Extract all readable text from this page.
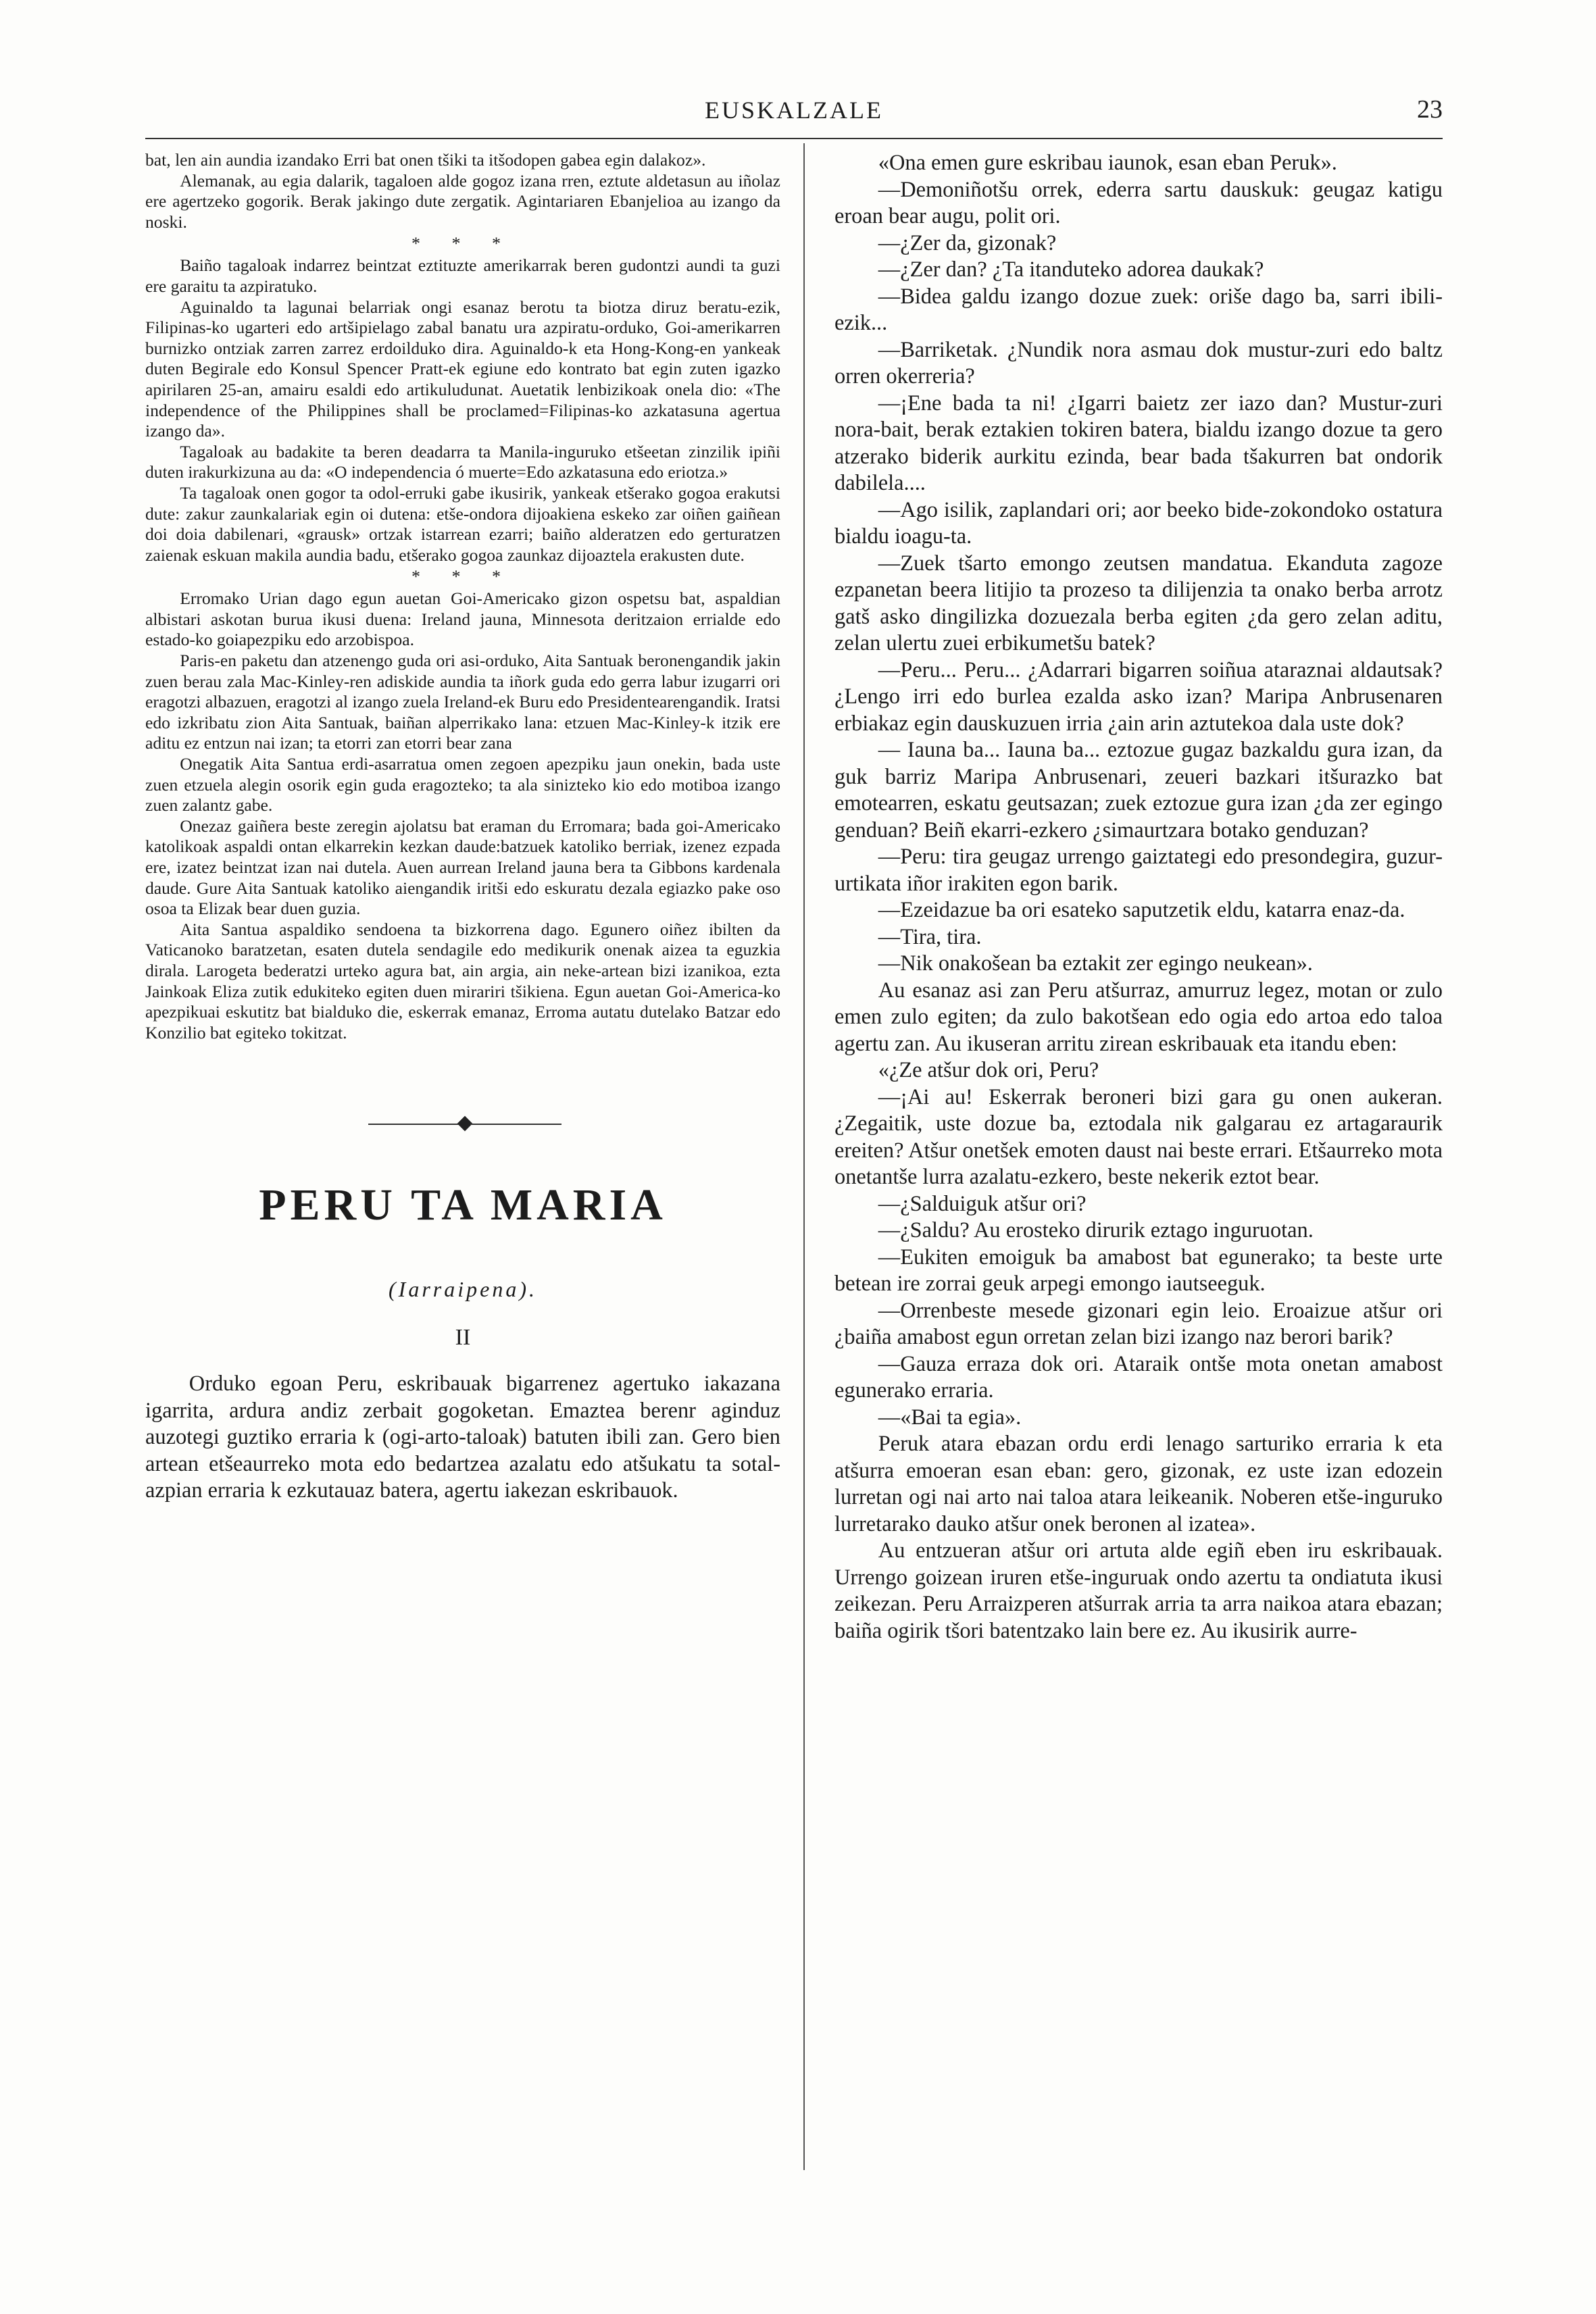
EUSKALZALE	23

bat, len ain aundia izandako Erri bat onen tšiki ta itšodopen gabea egin dalakoz».

Alemanak, au egia dalarik, tagaloen alde gogoz izana rren, eztute aldetasun au iñolaz ere agertzeko gogorik. Berak jakingo dute zergatik. Agintariaren Ebanjelioa au izango da noski.

* * *

Baiño tagaloak indarrez beintzat eztituzte amerikarrak beren gudontzi aundi ta guzi ere garaitu ta azpiratuko.

Aguinaldo ta lagunai belarriak ongi esanaz berotu ta biotza diruz beratu-ezik, Filipinas-ko ugarteri edo artšipielago zabal banatu ura azpiratu-orduko, Goi-amerikarren burnizko ontziak zarren zarrez erdoilduko dira. Aguinaldo-k eta Hong-Kong-en yankeak duten Begirale edo Konsul Spencer Pratt-ek egiune edo kontrato bat egin zuten igazko apirilaren 25-an, amairu esaldi edo artikuludunat. Auetatik lenbizikoak onela dio: «The independence of the Philippines shall be proclamed=Filipinas-ko azkatasuna agertua izango da».

Tagaloak au badakite ta beren deadarra ta Manila-inguruko etšeetan zinzilik ipiñi duten irakurkizuna au da: «O independencia ó muerte=Edo azkatasuna edo eriotza.»

Ta tagaloak onen gogor ta odol-erruki gabe ikusirik, yankeak etšerako gogoa erakutsi dute: zakur zaunkalariak egin oi dutena: etše-ondora dijoakiena eskeko zar oiñen gaiñean doi doia dabilenari, «grausk» ortzak istarrean ezarri; baiño alderatzen edo gerturatzen zaienak eskuan makila aundia badu, etšerako gogoa zaunkaz dijoaztela erakusten dute.

* * *

Erromako Urian dago egun auetan Goi-Americako gizon ospetsu bat, aspaldian albistari askotan burua ikusi duena: Ireland jauna, Minnesota deritzaion errialde edo estado-ko goiapezpiku edo arzobispoa.

Paris-en paketu dan atzenengo guda ori asi-orduko, Aita Santuak beronengandik jakin zuen berau zala Mac-Kinley-ren adiskide aundia ta iñork guda edo gerra labur izugarri ori eragotzi albazuen, eragotzi al izango zuela Ireland-ek Buru edo Presidentearengandik. Iratsi edo izkribatu zion Aita Santuak, baiñan alperrikako lana: etzuen Mac-Kinley-k itzik ere aditu ez entzun nai izan; ta etorri zan etorri bear zana

Onegatik Aita Santua erdi-asarratua omen zegoen apezpiku jaun onekin, bada uste zuen etzuela alegin osorik egin guda eragozteko; ta ala sinizteko kio edo motiboa izango zuen zalantz gabe.

Onezaz gaiñera beste zeregin ajolatsu bat eraman du Erromara; bada goi-Americako katolikoak aspaldi ontan elkarrekin kezkan daude:batzuek katoliko berriak, izenez ezpada ere, izatez beintzat izan nai dutela. Auen aurrean Ireland jauna bera ta Gibbons kardenala daude. Gure Aita Santuak katoliko aiengandik iritši edo eskuratu dezala egiazko pake oso osoa ta Elizak bear duen guzia.

Aita Santua aspaldiko sendoena ta bizkorrena dago. Egunero oiñez ibilten da Vaticanoko baratzetan, esaten dutela sendagile edo medikurik onenak aizea ta eguzkia dirala. Larogeta bederatzi urteko agura bat, ain argia, ain neke-artean bizi izanikoa, ezta Jainkoak Eliza zutik edukiteko egiten duen mirariri tšikiena. Egun auetan Goi-America-ko apezpikuai eskutitz bat bialduko die, eskerrak emanaz, Erroma autatu dutelako Batzar edo Konzilio bat egiteko tokitzat.

PERU TA MARIA
(Iarraipena).
II

Orduko egoan Peru, eskribauak bigarrenez agertuko iakazana igarrita, ardura andiz zerbait gogoketan. Emaztea berenr aginduz auzotegi guztiko erraria k (ogi-arto-taloak) batuten ibili zan. Gero bien artean etšeaurreko mota edo bedartzea azalatu edo atšukatu ta sotal-azpian erraria k ezkutauaz batera, agertu iakezan eskribauok.

«Ona emen gure eskribau iaunok, esan eban Peruk».

—Demoniñotšu orrek, ederra sartu dauskuk: geugaz katigu eroan bear augu, polit ori.

—¿Zer da, gizonak?

—¿Zer dan? ¿Ta itanduteko adorea daukak?

—Bidea galdu izango dozue zuek: oriše dago ba, sarri ibili-ezik...

—Barriketak. ¿Nundik nora asmau dok mustur-zuri edo baltz orren okerreria?

—¡Ene bada ta ni! ¿Igarri baietz zer iazo dan? Mustur-zuri nora-bait, berak eztakien tokiren batera, bialdu izango dozue ta gero atzerako biderik aurkitu ezinda, bear bada tšakurren bat ondorik dabilela....

—Ago isilik, zaplandari ori; aor beeko bide-zokondoko ostatura bialdu ioagu-ta.

—Zuek tšarto emongo zeutsen mandatua. Ekanduta zagoze ezpanetan beera litijio ta prozeso ta dilijenzia ta onako berba arrotz gatš asko dingilizka dozuezala berba egiten ¿da gero zelan aditu, zelan ulertu zuei erbikumetšu batek?

—Peru... Peru... ¿Adarrari bigarren soiñua ataraznai aldautsak? ¿Lengo irri edo burlea ezalda asko izan? Maripa Anbrusenaren erbiakaz egin dauskuzuen irria ¿ain arin aztutekoa dala uste dok?

— Iauna ba... Iauna ba... eztozue gugaz bazkaldu gura izan, da guk barriz Maripa Anbrusenari, zeueri bazkari itšurazko bat emotearren, eskatu geutsazan; zuek eztozue gura izan ¿da zer egingo genduan? Beiñ ekarri-ezkero ¿simaurtzara botako genduzan?

—Peru: tira geugaz urrengo gaiztategi edo presondegira, guzur-urtikata iñor irakiten egon barik.

—Ezeidazue ba ori esateko saputzetik eldu, katarra enaz-da.

—Tira, tira.

—Nik onakošean ba eztakit zer egingo neukean».

Au esanaz asi zan Peru atšurraz, amurruz legez, motan or zulo emen zulo egiten; da zulo bakotšean edo ogia edo artoa edo taloa agertu zan. Au ikuseran arritu zirean eskribauak eta itandu eben:

«¿Ze atšur dok ori, Peru?

—¡Ai au! Eskerrak beroneri bizi gara gu onen aukeran. ¿Zegaitik, uste dozue ba, eztodala nik galgarau ez artagaraurik ereiten? Atšur onetšek emoten daust nai beste errari. Etšaurreko mota onetantše lurra azalatu-ezkero, beste nekerik eztot bear.

—¿Salduiguk atšur ori?

—¿Saldu? Au erosteko dirurik eztago inguruotan.

—Eukiten emoiguk ba amabost bat egunerako; ta beste urte betean ire zorrai geuk arpegi emongo iautseeguk.

—Orrenbeste mesede gizonari egin leio. Eroaizue atšur ori ¿baiña amabost egun orretan zelan bizi izango naz berori barik?

—Gauza erraza dok ori. Ataraik ontše mota onetan amabost egunerako erraria.

—«Bai ta egia».

Peruk atara ebazan ordu erdi lenago sarturiko erraria k eta atšurra emoeran esan eban: gero, gizonak, ez uste izan edozein lurretan ogi nai arto nai taloa atara leikeanik. Noberen etše-inguruko lurretarako dauko atšur onek beronen al izatea».

Au entzueran atšur ori artuta alde egiñ eben iru eskribauak. Urrengo goizean iruren etše-inguruak ondo azertu ta ondiatuta ikusi zeikezan. Peru Arraizperen atšurrak arria ta arra naikoa atara ebazan; baiña ogirik tšori batentzako lain bere ez. Au ikusirik aurre-
